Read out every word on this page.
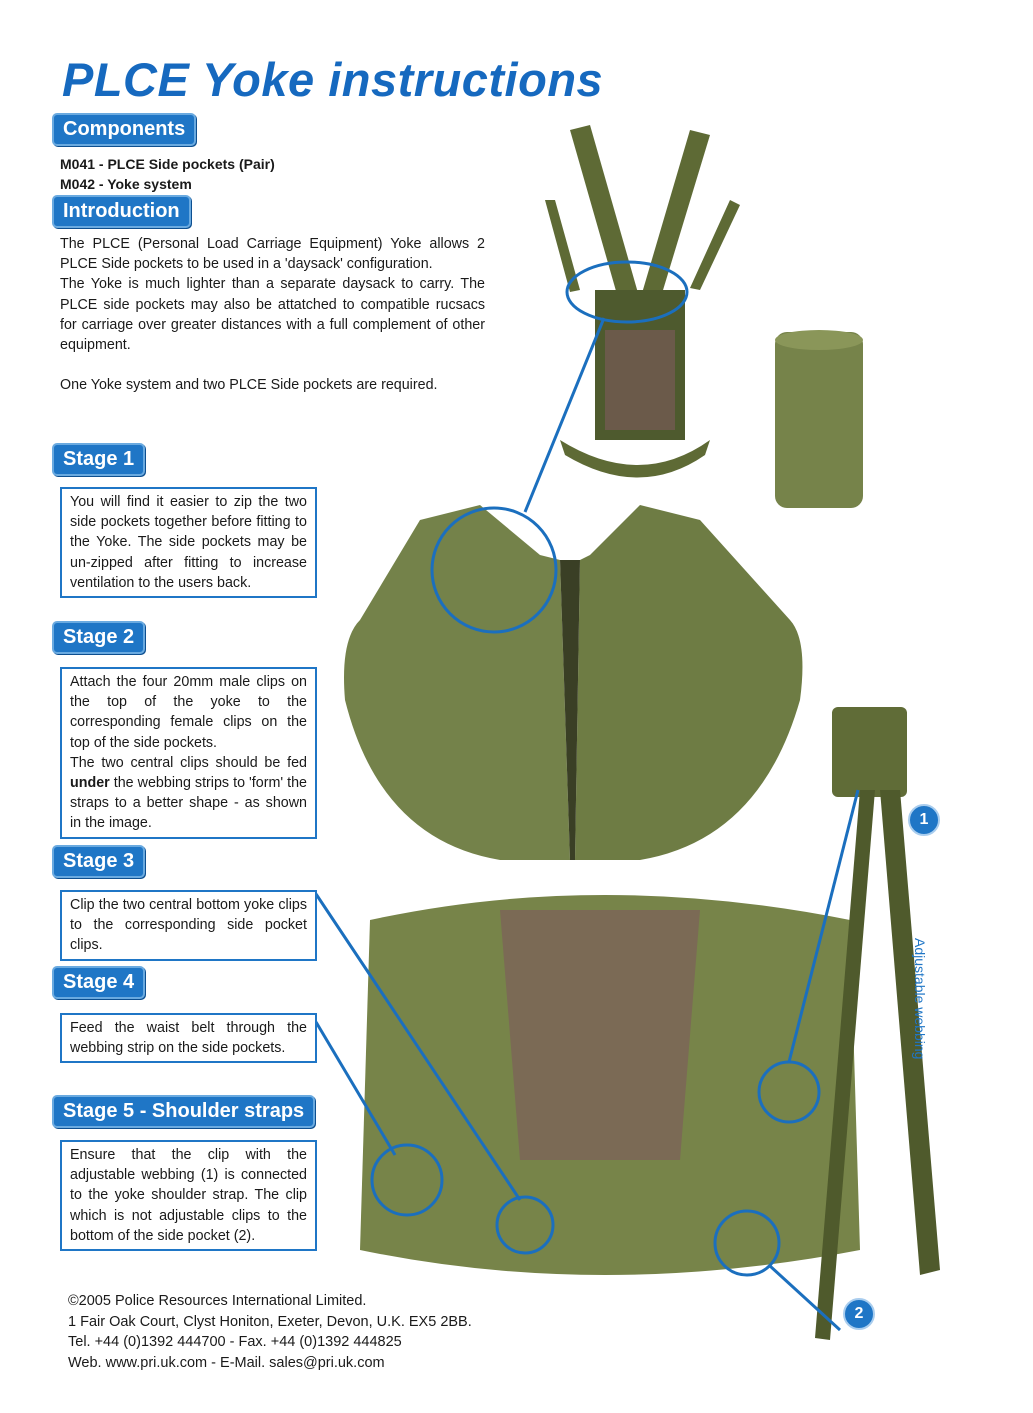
PLCE Yoke instructions
Components
M041 - PLCE Side pockets (Pair)
M042 - Yoke system
Introduction
The PLCE (Personal Load Carriage Equipment) Yoke allows 2 PLCE Side pockets to be used in a 'daysack' configuration.
The Yoke is much lighter than a separate daysack to carry. The PLCE side pockets may also be attatched to compatible rucsacs for carriage over greater distances with a full complement of other equipment.
One Yoke system and two PLCE Side pockets are required.
Stage 1
You will find it easier to zip the two side pockets together before fitting to the Yoke. The side pockets may be un-zipped after fitting to increase ventilation to the users back.
Stage 2
Attach the four 20mm male clips on the top of the yoke to the corresponding female clips on the top of the side pockets.
The two central clips should be fed under the webbing strips to 'form' the straps to a better shape - as shown in the image.
Stage 3
Clip the two central bottom yoke clips to the corresponding side pocket clips.
Stage 4
Feed the waist belt through the webbing strip on the side pockets.
Stage 5 - Shoulder straps
Ensure that the clip with the adjustable webbing (1) is connected to the yoke shoulder strap. The clip which is not adjustable clips to the bottom of the side pocket (2).
1
2
Adjustable webbing
©2005 Police Resources International Limited.
1 Fair Oak Court, Clyst Honiton, Exeter, Devon, U.K. EX5 2BB.
Tel. +44 (0)1392 444700 - Fax. +44 (0)1392 444825
Web. www.pri.uk.com - E-Mail. sales@pri.uk.com
